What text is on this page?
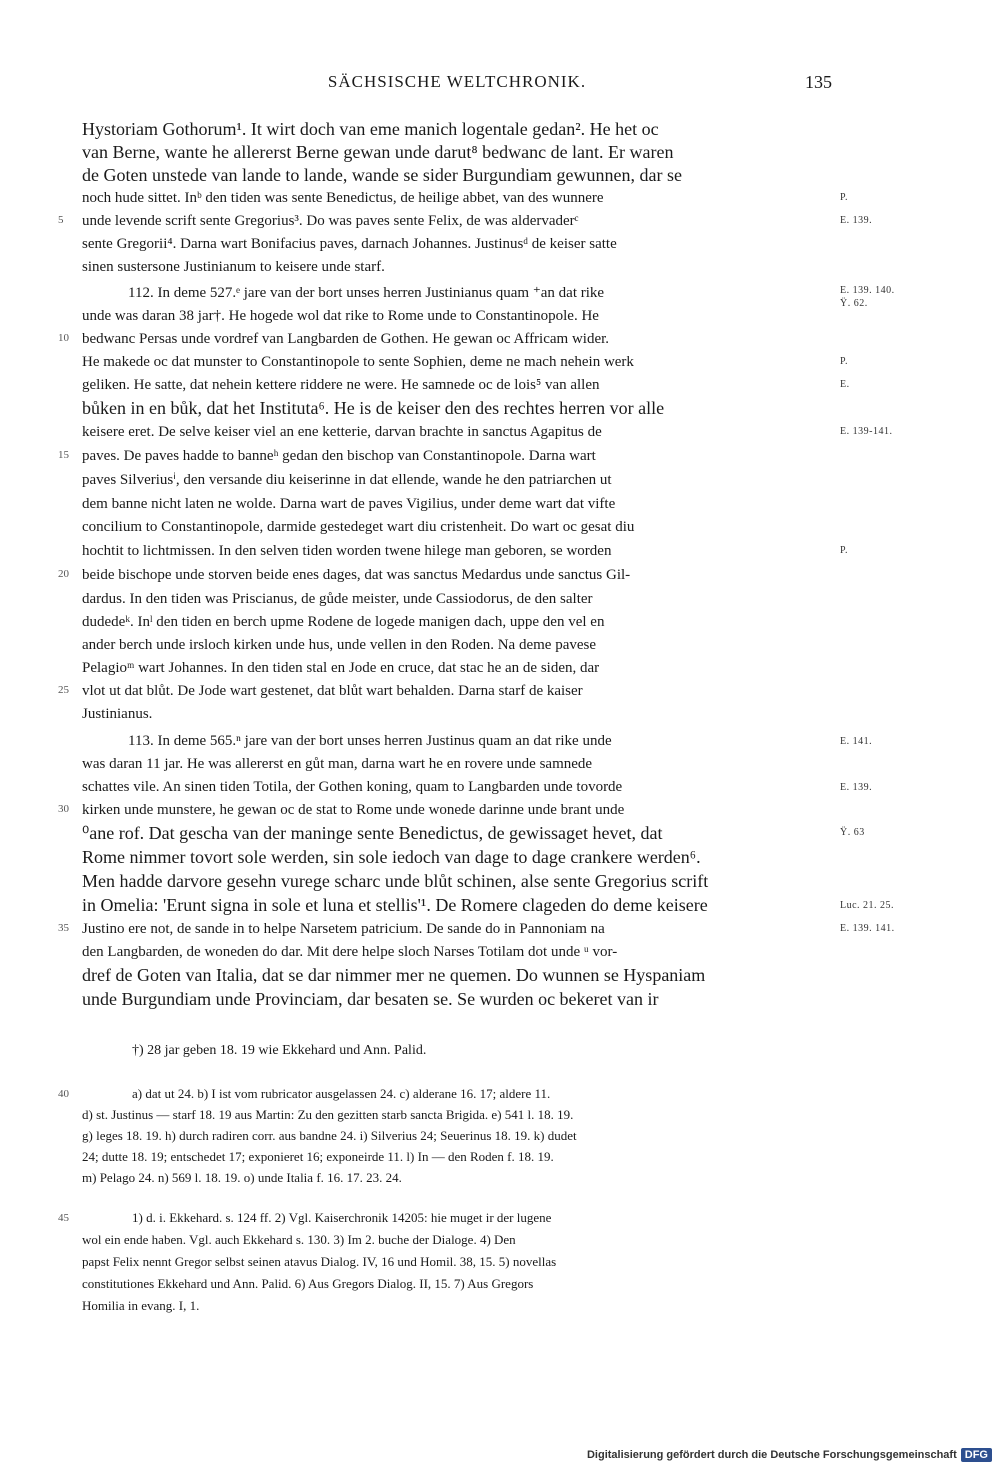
SÄCHSISCHE WELTCHRONIK.	135
Hystoriam Gothorum¹. It wirt doch van eme manich logentale gedan². He het oc
van Berne, wante he allererst Berne gewan unde darut⁸ bedwanc de lant. Er waren
de Goten unstede van lande to lande, wande se sider Burgundiam gewunnen, dar se
noch hude sittet. Inᵇ den tiden was sente Benedictus, de heilige abbet, van des wunnere
unde levende scrift sente Gregorius³. Do was paves sente Felix, de was aldervaderᶜ
sente Gregorii⁴. Darna wart Bonifacius paves, darnach Johannes. Justinusᵈ de keiser satte
sinen sustersone Justinianum to keisere unde starf.
112. In deme 527.ᵉ jare van der bort unses herren Justinianus quam ⁺an dat rike
unde was daran 38 jar†. He hogede wol dat rike to Rome unde to Constantinopole. He
bedwanc Persas unde vordref van Langbarden de Gothen. He gewan oc Affricam wider.
He makede oc dat munster to Constantinopole to sente Sophien, deme ne mach nehein werk
geliken. He satte, dat nehein kettere riddere ne were. He samnede oc de lois⁵ van allen
bůken in en bůk, dat het Instituta⁶. He is de keiser den des rechtes herren vor alle
keisere eret. De selve keiser viel an ene ketterie, darvan brachte in sanctus Agapitus de
paves. De paves hadde to banneʰ gedan den bischop van Constantinopole. Darna wart
paves Silveriusⁱ, den versande diu keiserinne in dat ellende, wande he den patriarchen ut
dem banne nicht laten ne wolde. Darna wart de paves Vigilius, under deme wart dat vifte
concilium to Constantinopole, darmide gestedeget wart diu cristenheit. Do wart oc gesat diu
hochtit to lichtmissen. In den selven tiden worden twene hilege man geboren, se worden
beide bischope unde storven beide enes dages, dat was sanctus Medardus unde sanctus Gil-
dardus. In den tiden was Priscianus, de gůde meister, unde Cassiodorus, de den salter
dudedeᵏ. Inˡ den tiden en berch upme Rodene de logede manigen dach, uppe den vel en
ander berch unde irsloch kirken unde hus, unde vellen in den Roden. Na deme pavese
Pelagioᵐ wart Johannes. In den tiden stal en Jode en cruce, dat stac he an de siden, dar
vlot ut dat blůt. De Jode wart gestenet, dat blůt wart behalden. Darna starf de kaiser
Justinianus.
113. In deme 565.ⁿ jare van der bort unses herren Justinus quam an dat rike unde
was daran 11 jar. He was allererst en gůt man, darna wart he en rovere unde samnede
schattes vile. An sinen tiden Totila, der Gothen koning, quam to Langbarden unde tovorde
kirken unde munstere, he gewan oc de stat to Rome unde wonede darinne unde brant unde
⁰ane rof. Dat gescha van der maninge sente Benedictus, de gewissaget hevet, dat
Rome nimmer tovort sole werden, sin sole iedoch van dage to dage crankere werden⁶.
Men hadde darvore gesehn vurege scharc unde blůt schinen, alse sente Gregorius scrift
in Omelia: 'Erunt signa in sole et luna et stellis'¹. De Romere clageden do deme keisere
Justino ere not, de sande in to helpe Narsetem patricium. De sande do in Pannoniam na
den Langbarden, de woneden do dar. Mit dere helpe sloch Narses Totilam dot unde ᵘ vor-
dref de Goten van Italia, dat se dar nimmer mer ne quemen. Do wunnen se Hyspaniam
unde Burgundiam unde Provinciam, dar besaten se. Se wurden oc bekeret van ir
5
10
15
20
25
30
35
40
45
P.
E. 139.
E. 139. 140.
Ÿ. 62.
P.
E.
E. 139-141.
P.
E. 141.
E. 139.
Ÿ. 63
Luc. 21. 25.
E. 139. 141.
†) 28 jar geben 18. 19 wie Ekkehard und Ann. Palid.
a) dat ut 24. b) I ist vom rubricator ausgelassen 24. c) alderane 16. 17; aldere 11.
d) st. Justinus — starf 18. 19 aus Martin: Zu den gezitten starb sancta Brigida. e) 541 l. 18. 19.
g) leges 18. 19. h) durch radiren corr. aus bandne 24. i) Silverius 24; Seuerinus 18. 19. k) dudet
24; dutte 18. 19; entschedet 17; exponieret 16; exponeirde 11. l) In — den Roden f. 18. 19.
m) Pelago 24. n) 569 l. 18. 19. o) unde Italia f. 16. 17. 23. 24.
1) d. i. Ekkehard. s. 124 ff. 2) Vgl. Kaiserchronik 14205: hie muget ir der lugene
wol ein ende haben. Vgl. auch Ekkehard s. 130. 3) Im 2. buche der Dialoge. 4) Den
papst Felix nennt Gregor selbst seinen atavus Dialog. IV, 16 und Homil. 38, 15. 5) novellas
constitutiones Ekkehard und Ann. Palid. 6) Aus Gregors Dialog. II, 15. 7) Aus Gregors
Homilia in evang. I, 1.
Digitalisierung gefördert durch die Deutsche Forschungsgemeinschaft DFG
